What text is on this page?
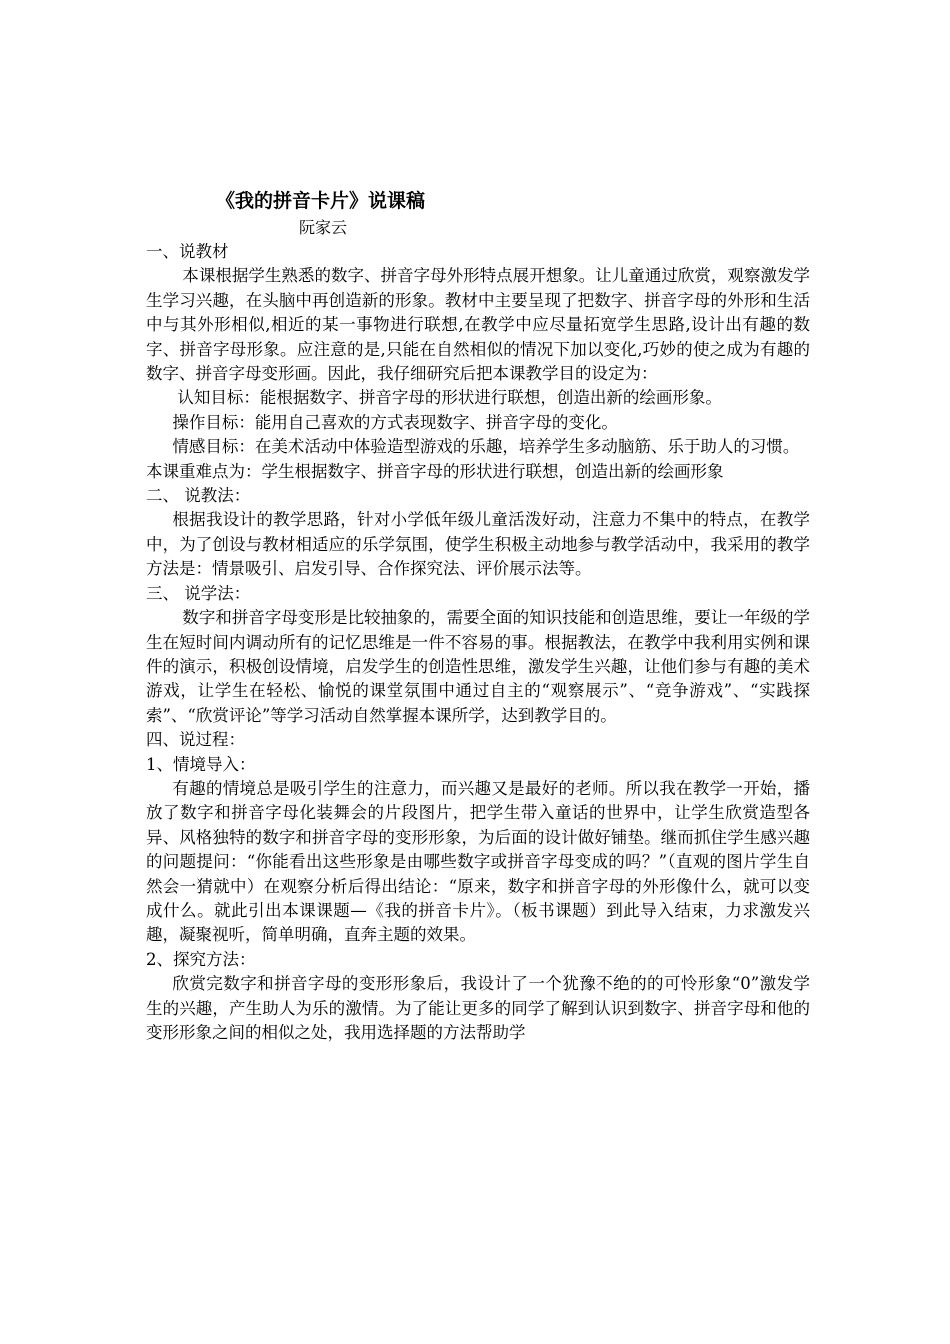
《我的拼音卡片》说课稿

阮家云

一、说教材

本课根据学生熟悉的数字、拼音字母外形特点展开想象。让儿童通过欣赏，观察激发学生学习兴趣，在头脑中再创造新的形象。教材中主要呈现了把数字、拼音字母的外形和生活中与其外形相似,相近的某一事物进行联想,在教学中应尽量拓宽学生思路,设计出有趣的数字、拼音字母形象。应注意的是,只能在自然相似的情况下加以变化,巧妙的使之成为有趣的数字、拼音字母变形画。因此，我仔细研究后把本课教学目的设定为：

认知目标：能根据数字、拼音字母的形状进行联想，创造出新的绘画形象。

操作目标：能用自己喜欢的方式表现数字、拼音字母的变化。

情感目标：在美术活动中体验造型游戏的乐趣，培养学生多动脑筋、乐于助人的习惯。

本课重难点为：学生根据数字、拼音字母的形状进行联想，创造出新的绘画形象

二、 说教法：

根据我设计的教学思路，针对小学低年级儿童活泼好动，注意力不集中的特点，在教学中，为了创设与教材相适应的乐学氛围，使学生积极主动地参与教学活动中，我采用的教学方法是：情景吸引、启发引导、合作探究法、评价展示法等。

三、 说学法：

数字和拼音字母变形是比较抽象的，需要全面的知识技能和创造思维，要让一年级的学生在短时间内调动所有的记忆思维是一件不容易的事。根据教法，在教学中我利用实例和课件的演示，积极创设情境，启发学生的创造性思维，激发学生兴趣，让他们参与有趣的美术游戏，让学生在轻松、愉悦的课堂氛围中通过自主的“观察展示”、“竞争游戏”、“实践探索”、“欣赏评论”等学习活动自然掌握本课所学，达到教学目的。

四、说过程：

1、情境导入：

有趣的情境总是吸引学生的注意力，而兴趣又是最好的老师。所以我在教学一开始，播放了数字和拼音字母化装舞会的片段图片，把学生带入童话的世界中，让学生欣赏造型各异、风格独特的数字和拼音字母的变形形象，为后面的设计做好铺垫。继而抓住学生感兴趣的问题提问：“你能看出这些形象是由哪些数字或拼音字母变成的吗？”（直观的图片学生自然会一猜就中）在观察分析后得出结论：“原来，数字和拼音字母的外形像什么，就可以变成什么。就此引出本课课题—《我的拼音卡片》。（板书课题）到此导入结束，力求激发兴趣，凝聚视听，简单明确，直奔主题的效果。

2、探究方法：

欣赏完数字和拼音字母的变形形象后，我设计了一个犹豫不绝的的可怜形象“0”激发学生的兴趣，产生助人为乐的激情。为了能让更多的同学了解到认识到数字、拼音字母和他的变形形象之间的相似之处，我用选择题的方法帮助学
